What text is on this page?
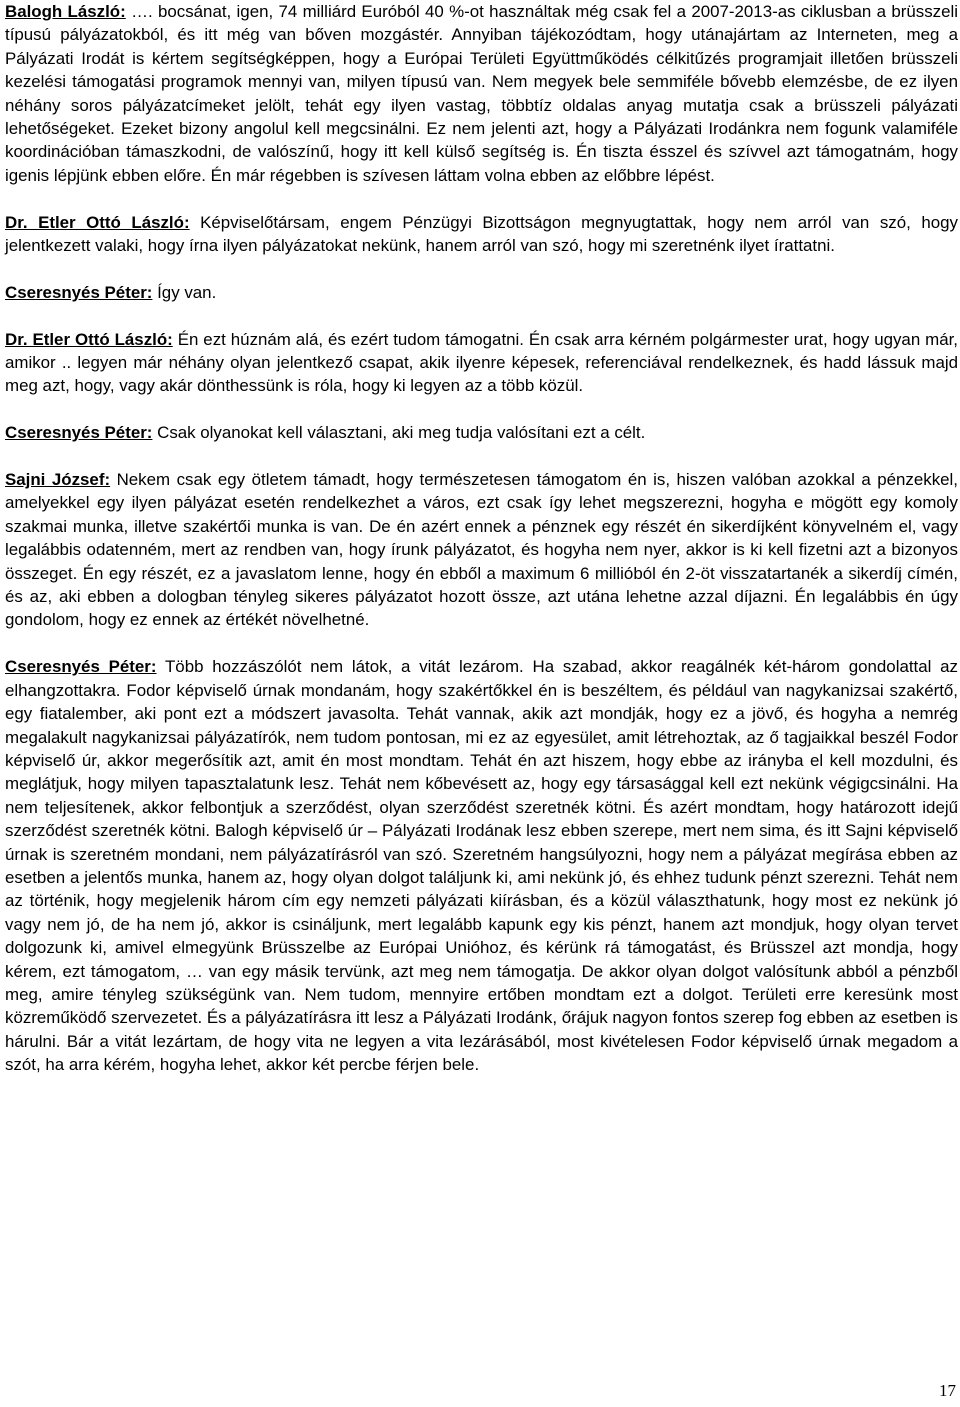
Balogh László: …. bocsánat, igen, 74 milliárd Euróból 40 %-ot használtak még csak fel a 2007-2013-as ciklusban a brüsszeli típusú pályázatokból, és itt még van bőven mozgástér. Annyiban tájékozódtam, hogy utánajártam az Interneten, meg a Pályázati Irodát is kértem segítségképpen, hogy a Európai Területi Együttműködés célkitűzés programjait illetően brüsszeli kezelési támogatási programok mennyi van, milyen típusú van. Nem megyek bele semmiféle bővebb elemzésbe, de ez ilyen néhány soros pályázatcímeket jelölt, tehát egy ilyen vastag, többtíz oldalas anyag mutatja csak a brüsszeli pályázati lehetőségeket. Ezeket bizony angolul kell megcsinálni. Ez nem jelenti azt, hogy a Pályázati Irodánkra nem fogunk valamiféle koordinációban támaszkodni, de valószínű, hogy itt kell külső segítség is. Én tiszta ésszel és szívvel azt támogatnám, hogy igenis lépjünk ebben előre. Én már régebben is szívesen láttam volna ebben az előbbre lépést.

Dr. Etler Ottó László: Képviselőtársam, engem Pénzügyi Bizottságon megnyugtattak, hogy nem arról van szó, hogy jelentkezett valaki, hogy írna ilyen pályázatokat nekünk, hanem arról van szó, hogy mi szeretnénk ilyet írattatni.

Cseresnyés Péter: Így van.

Dr. Etler Ottó László: Én ezt húznám alá, és ezért tudom támogatni. Én csak arra kérném polgármester urat, hogy ugyan már, amikor .. legyen már néhány olyan jelentkező csapat, akik ilyenre képesek, referenciával rendelkeznek, és hadd lássuk majd meg azt, hogy, vagy akár dönthessünk is róla, hogy ki legyen az a több közül.

Cseresnyés Péter: Csak olyanokat kell választani, aki meg tudja valósítani ezt a célt.

Sajni József: Nekem csak egy ötletem támadt, hogy természetesen támogatom én is, hiszen valóban azokkal a pénzekkel, amelyekkel egy ilyen pályázat esetén rendelkezhet a város, ezt csak így lehet megszerezni, hogyha e mögött egy komoly szakmai munka, illetve szakértői munka is van. De én azért ennek a pénznek egy részét én sikerdíjként könyvelném el, vagy legalábbis odatenném, mert az rendben van, hogy írunk pályázatot, és hogyha nem nyer, akkor is ki kell fizetni azt a bizonyos összeget. Én egy részét, ez a javaslatom lenne, hogy én ebből a maximum 6 millióból én 2-öt visszatartanék a sikerdíj címén, és az, aki ebben a dologban tényleg sikeres pályázatot hozott össze, azt utána lehetne azzal díjazni. Én legalábbis én úgy gondolom, hogy ez ennek az értékét növelhetné.

Cseresnyés Péter: Több hozzászólót nem látok, a vitát lezárom. Ha szabad, akkor reagálnék két-három gondolattal az elhangzottakra. Fodor képviselő úrnak mondanám, hogy szakértőkkel én is beszéltem, és például van nagykanizsai szakértő, egy fiatalember, aki pont ezt a módszert javasolta. Tehát vannak, akik azt mondják, hogy ez a jövő, és hogyha a nemrég megalakult nagykanizsai pályázatírók, nem tudom pontosan, mi ez az egyesület, amit létrehoztak, az ő tagjaikkal beszél Fodor képviselő úr, akkor megerősítik azt, amit én most mondtam. Tehát én azt hiszem, hogy ebbe az irányba el kell mozdulni, és meglátjuk, hogy milyen tapasztalatunk lesz. Tehát nem kőbevésett az, hogy egy társasággal kell ezt nekünk végigcsinálni. Ha nem teljesítenek, akkor felbontjuk a szerződést, olyan szerződést szeretnék kötni. És azért mondtam, hogy határozott idejű szerződést szeretnék kötni. Balogh képviselő úr – Pályázati Irodának lesz ebben szerepe, mert nem sima, és itt Sajni képviselő úrnak is szeretném mondani, nem pályázatírásról van szó. Szeretném hangsúlyozni, hogy nem a pályázat megírása ebben az esetben a jelentős munka, hanem az, hogy olyan dolgot találjunk ki, ami nekünk jó, és ehhez tudunk pénzt szerezni. Tehát nem az történik, hogy megjelenik három cím egy nemzeti pályázati kiírásban, és a közül választhatunk, hogy most ez nekünk jó vagy nem jó, de ha nem jó, akkor is csináljunk, mert legalább kapunk egy kis pénzt, hanem azt mondjuk, hogy olyan tervet dolgozunk ki, amivel elmegyünk Brüsszelbe az Európai Unióhoz, és kérünk rá támogatást, és Brüsszel azt mondja, hogy kérem, ezt támogatom, … van egy másik tervünk, azt meg nem támogatja. De akkor olyan dolgot valósítunk abból a pénzből meg, amire tényleg szükségünk van. Nem tudom, mennyire ertőben mondtam ezt a dolgot. Területi erre keresünk most közreműködő szervezetet. És a pályázatírásra itt lesz a Pályázati Irodánk, őrájuk nagyon fontos szerep fog ebben az esetben is hárulni. Bár a vitát lezártam, de hogy vita ne legyen a vita lezárásából, most kivételesen Fodor képviselő úrnak megadom a szót, ha arra kérém, hogyha lehet, akkor két percbe férjen bele.

17
